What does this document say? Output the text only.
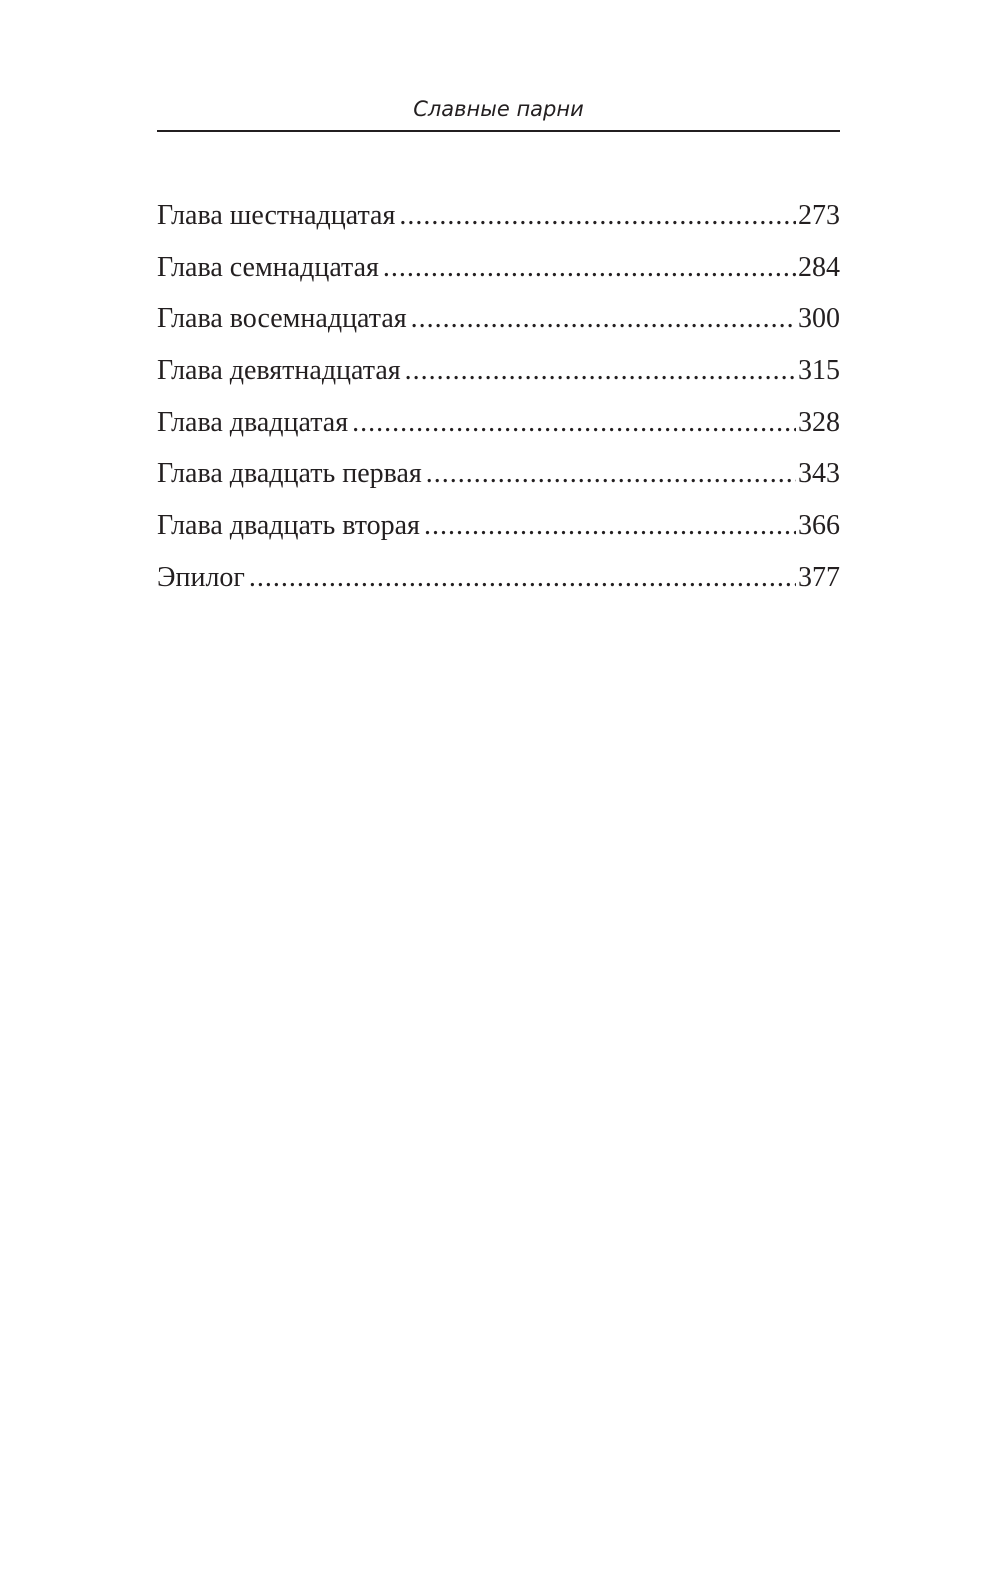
Славные парни
Глава шестнадцатая .....	273
Глава семнадцатая .....	284
Глава восемнадцатая .....	300
Глава девятнадцатая .....	315
Глава двадцатая .....	328
Глава двадцать первая .....	343
Глава двадцать вторая .....	366
Эпилог .....	377
